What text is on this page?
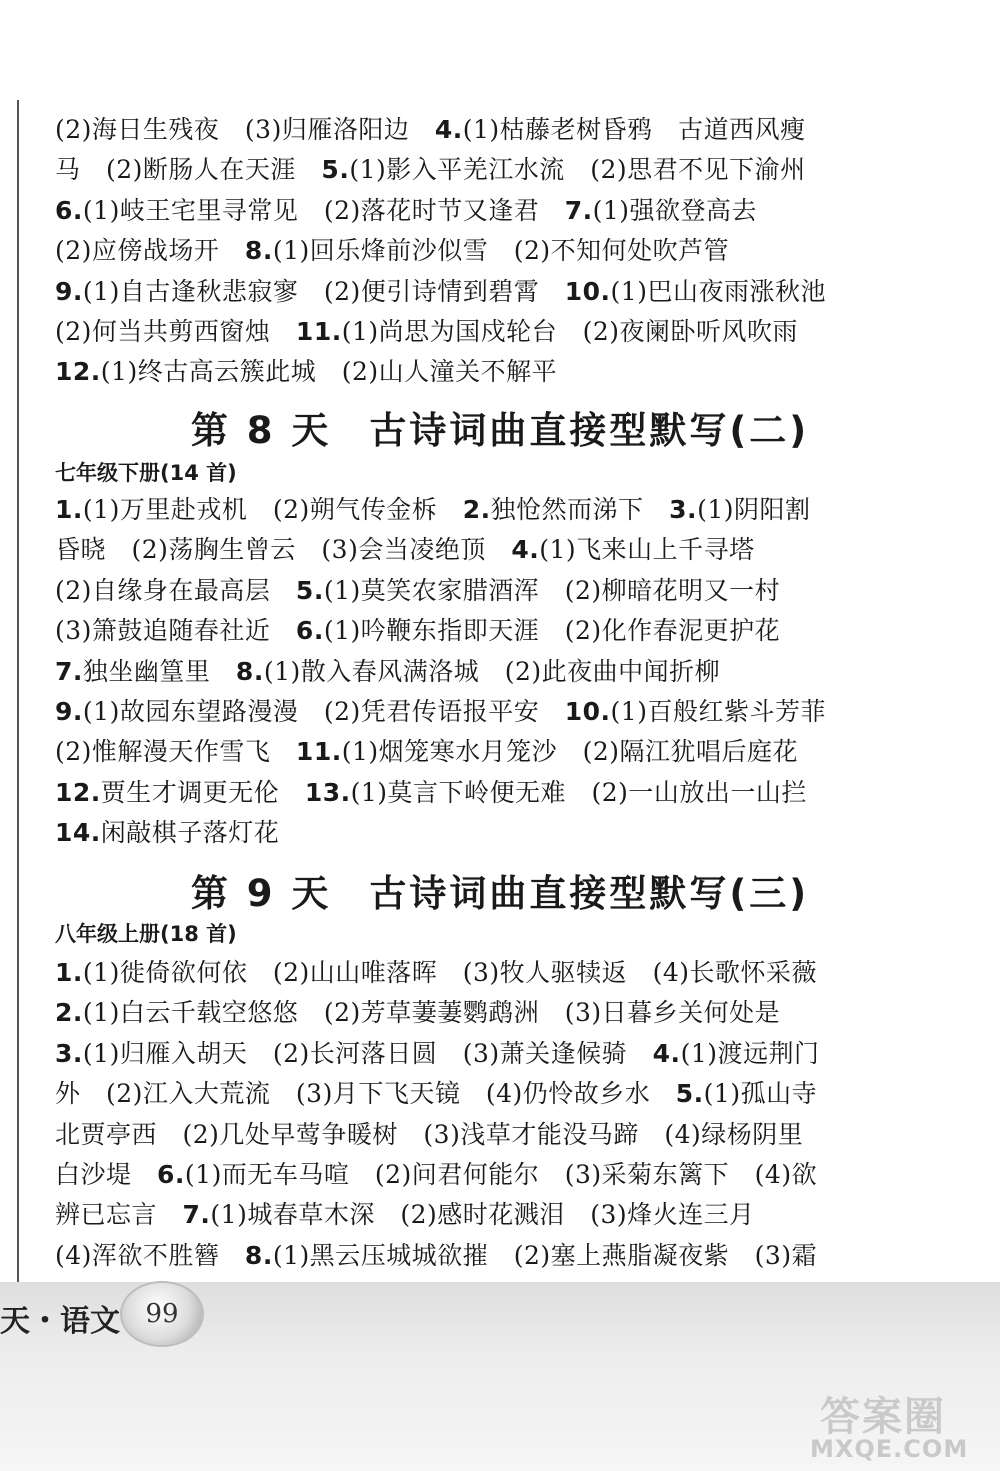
(2)海日生残夜　(3)归雁洛阳边　4.(1)枯藤老树昏鸦　古道西风瘦
马　(2)断肠人在天涯　5.(1)影入平羌江水流　(2)思君不见下渝州
6.(1)岐王宅里寻常见　(2)落花时节又逢君　7.(1)强欲登高去
(2)应傍战场开　8.(1)回乐烽前沙似雪　(2)不知何处吹芦管
9.(1)自古逢秋悲寂寥　(2)便引诗情到碧霄　10.(1)巴山夜雨涨秋池
(2)何当共剪西窗烛　11.(1)尚思为国戍轮台　(2)夜阑卧听风吹雨
12.(1)终古高云簇此城　(2)山人潼关不解平
第 8 天 古诗词曲直接型默写(二)
七年级下册(14 首)
1.(1)万里赴戎机　(2)朔气传金柝　2.独怆然而涕下　3.(1)阴阳割
昏晓　(2)荡胸生曾云　(3)会当凌绝顶　4.(1)飞来山上千寻塔
(2)自缘身在最高层　5.(1)莫笑农家腊酒浑　(2)柳暗花明又一村
(3)箫鼓追随春社近　6.(1)吟鞭东指即天涯　(2)化作春泥更护花
7.独坐幽篁里　8.(1)散入春风满洛城　(2)此夜曲中闻折柳
9.(1)故园东望路漫漫　(2)凭君传语报平安　10.(1)百般红紫斗芳菲
(2)惟解漫天作雪飞　11.(1)烟笼寒水月笼沙　(2)隔江犹唱后庭花
12.贾生才调更无伦　13.(1)莫言下岭便无难　(2)一山放出一山拦
14.闲敲棋子落灯花
第 9 天 古诗词曲直接型默写(三)
八年级上册(18 首)
1.(1)徙倚欲何依　(2)山山唯落晖　(3)牧人驱犊返　(4)长歌怀采薇
2.(1)白云千载空悠悠　(2)芳草萋萋鹦鹉洲　(3)日暮乡关何处是
3.(1)归雁入胡天　(2)长河落日圆　(3)萧关逢候骑　4.(1)渡远荆门
外　(2)江入大荒流　(3)月下飞天镜　(4)仍怜故乡水　5.(1)孤山寺
北贾亭西　(2)几处早莺争暖树　(3)浅草才能没马蹄　(4)绿杨阴里
白沙堤　6.(1)而无车马喧　(2)问君何能尔　(3)采菊东篱下　(4)欲
辨已忘言　7.(1)城春草木深　(2)感时花溅泪　(3)烽火连三月
(4)浑欲不胜簪　8.(1)黑云压城城欲摧　(2)塞上燕脂凝夜紫　(3)霜
天・语文 99
答案圈
MXQE.COM
